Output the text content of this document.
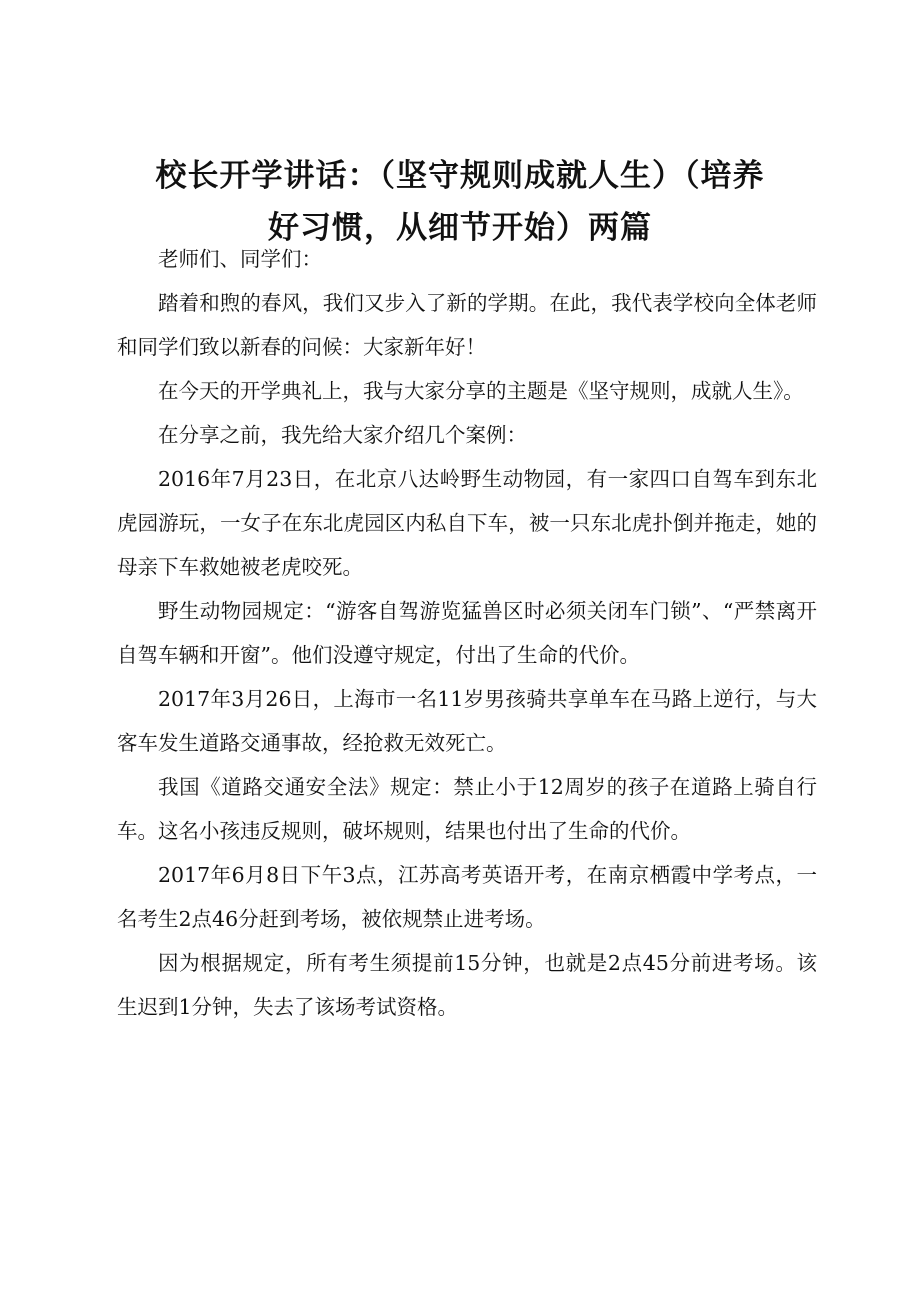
校长开学讲话：（坚守规则成就人生）（培养
好习惯，从细节开始）两篇

老师们、同学们：

踏着和煦的春风，我们又步入了新的学期。在此，我代表学校向全体老师和同学们致以新春的问候：大家新年好！

在今天的开学典礼上，我与大家分享的主题是《坚守规则，成就人生》。

在分享之前，我先给大家介绍几个案例：

2016年7月23日，在北京八达岭野生动物园，有一家四口自驾车到东北虎园游玩，一女子在东北虎园区内私自下车，被一只东北虎扑倒并拖走，她的母亲下车救她被老虎咬死。

野生动物园规定：“游客自驾游览猛兽区时必须关闭车门锁”、“严禁离开自驾车辆和开窗”。他们没遵守规定，付出了生命的代价。

2017年3月26日，上海市一名11岁男孩骑共享单车在马路上逆行，与大客车发生道路交通事故，经抢救无效死亡。

我国《道路交通安全法》规定：禁止小于12周岁的孩子在道路上骑自行车。这名小孩违反规则，破坏规则，结果也付出了生命的代价。

2017年6月8日下午3点，江苏高考英语开考，在南京栖霞中学考点，一名考生2点46分赶到考场，被依规禁止进考场。

因为根据规定，所有考生须提前15分钟，也就是2点45分前进考场。该生迟到1分钟，失去了该场考试资格。
